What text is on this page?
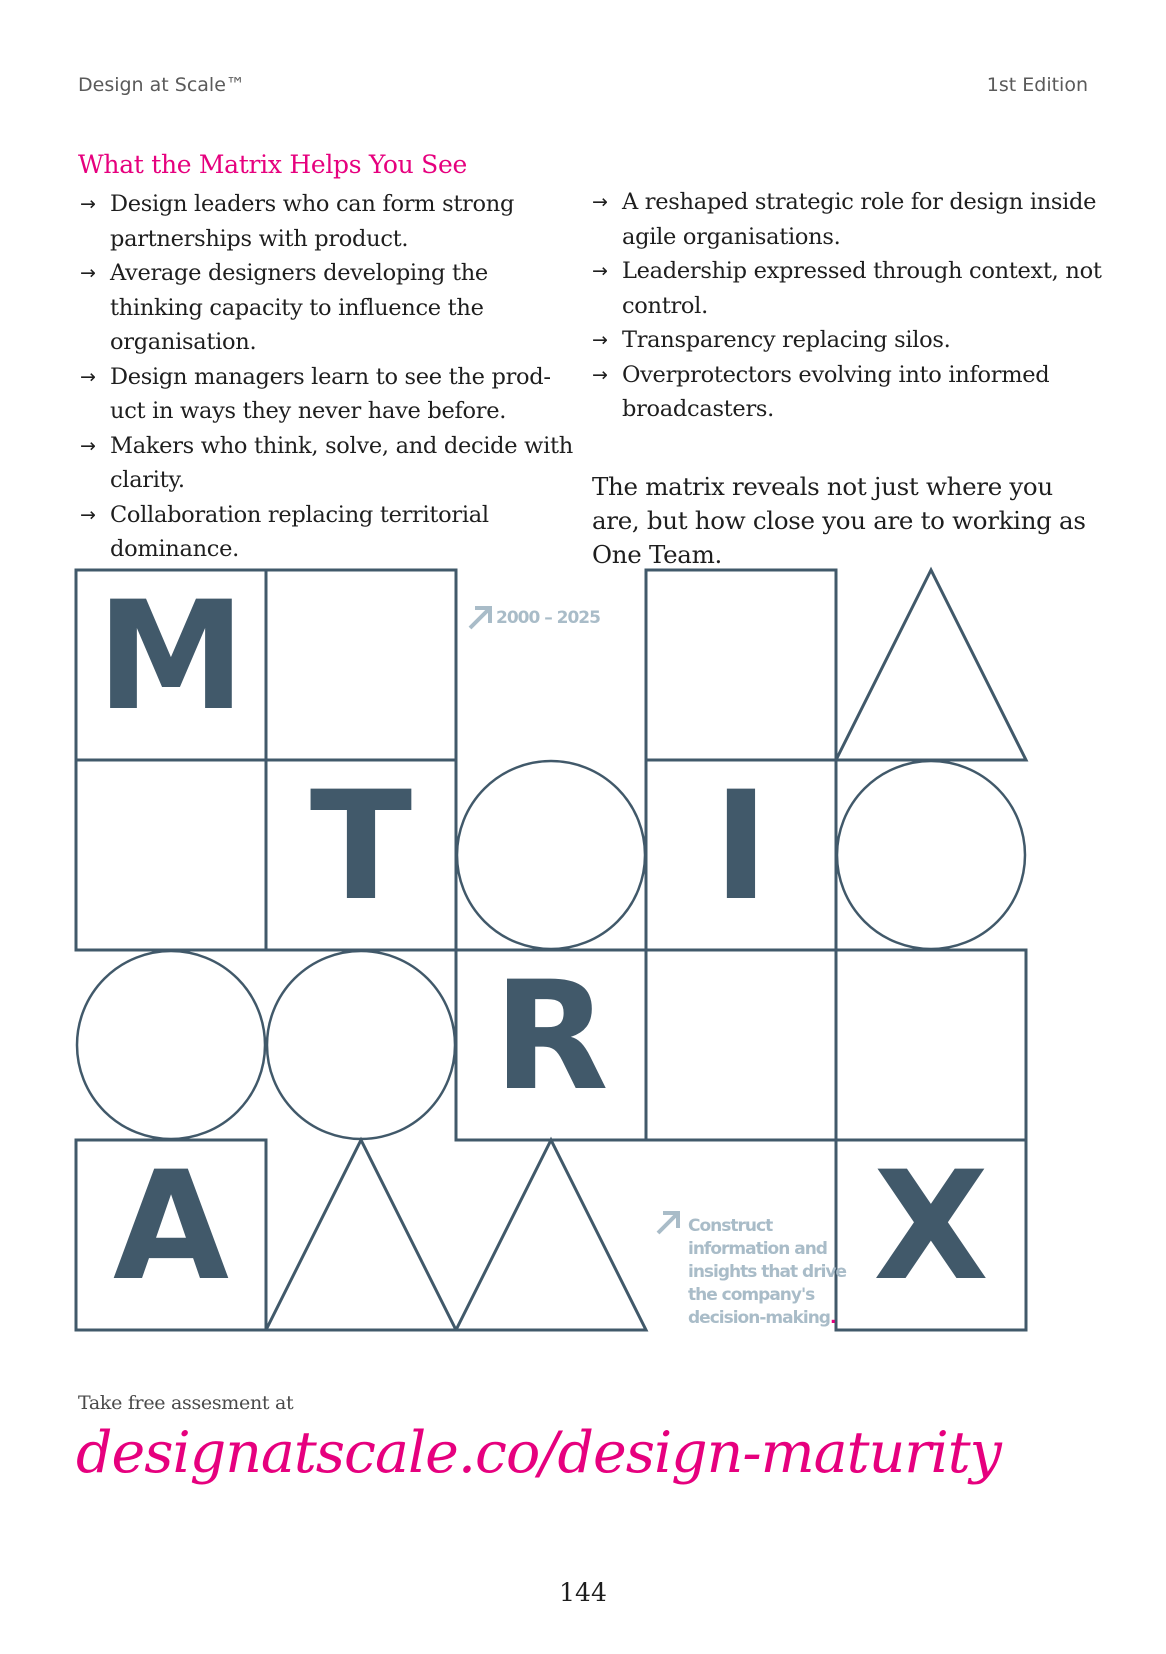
Design at Scale™	1st Edition
What the Matrix Helps You See
→ Design leaders who can form strong partnerships with product.
→ Average designers developing the thinking capacity to influence the organisation.
→ Design managers learn to see the prod-uct in ways they never have before.
→ Makers who think, solve, and decide with clarity.
→ Collaboration replacing territorial dominance.
→ A reshaped strategic role for design inside agile organisations.
→ Leadership expressed through context, not control.
→ Transparency replacing silos.
→ Overprotectors evolving into informed broadcasters.

The matrix reveals not just where you are, but how close you are to working as One Team.

M
T I
R
A	X
2000 – 2025
Construct information and insights that drive the company's decision-making.
Take free assesment at
designatscale.co/design-maturity
144
